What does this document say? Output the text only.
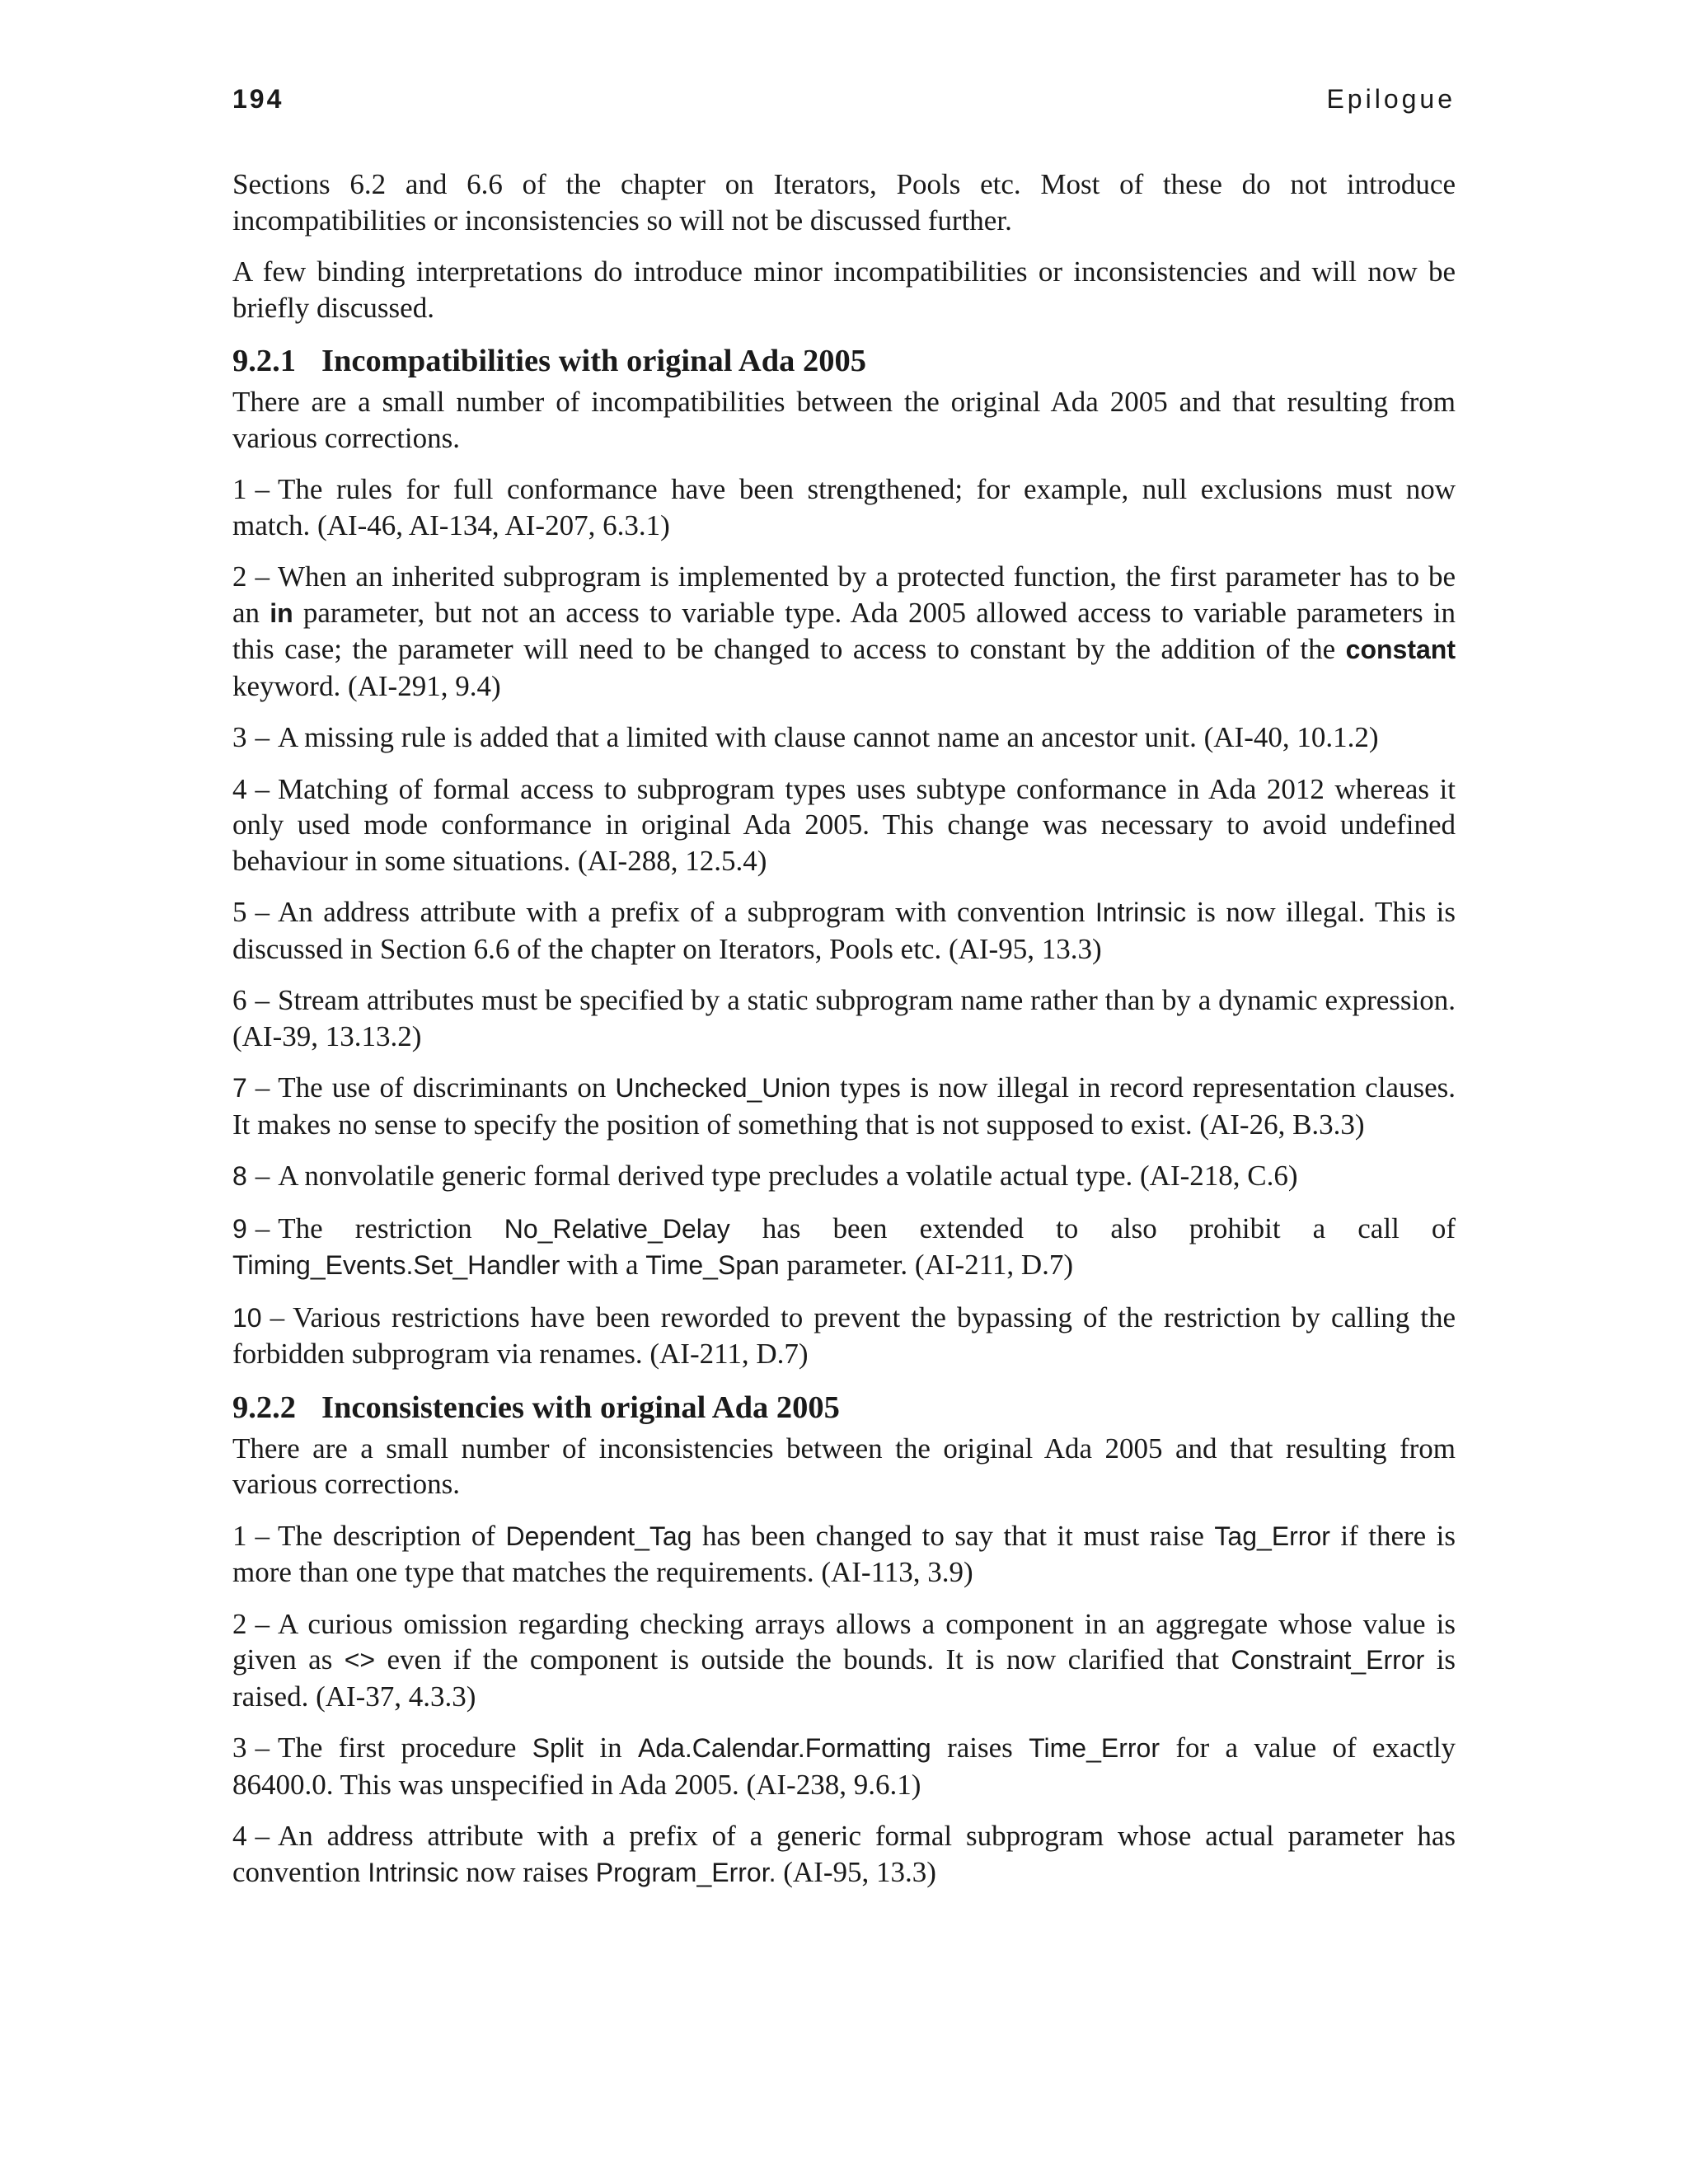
194	Epilogue

Sections 6.2 and 6.6 of the chapter on Iterators, Pools etc. Most of these do not introduce incompatibilities or inconsistencies so will not be discussed further.

A few binding interpretations do introduce minor incompatibilities or inconsistencies and will now be briefly discussed.

9.2.1 Incompatibilities with original Ada 2005

There are a small number of incompatibilities between the original Ada 2005 and that resulting from various corrections.

1 – The rules for full conformance have been strengthened; for example, null exclusions must now match. (AI-46, AI-134, AI-207, 6.3.1)

2 – When an inherited subprogram is implemented by a protected function, the first parameter has to be an in parameter, but not an access to variable type. Ada 2005 allowed access to variable parameters in this case; the parameter will need to be changed to access to constant by the addition of the constant keyword. (AI-291, 9.4)

3 – A missing rule is added that a limited with clause cannot name an ancestor unit. (AI-40, 10.1.2)

4 – Matching of formal access to subprogram types uses subtype conformance in Ada 2012 whereas it only used mode conformance in original Ada 2005. This change was necessary to avoid undefined behaviour in some situations. (AI-288, 12.5.4)

5 – An address attribute with a prefix of a subprogram with convention Intrinsic is now illegal. This is discussed in Section 6.6 of the chapter on Iterators, Pools etc. (AI-95, 13.3)

6 – Stream attributes must be specified by a static subprogram name rather than by a dynamic expression. (AI-39, 13.13.2)

7 – The use of discriminants on Unchecked_Union types is now illegal in record representation clauses. It makes no sense to specify the position of something that is not supposed to exist. (AI-26, B.3.3)

8 – A nonvolatile generic formal derived type precludes a volatile actual type. (AI-218, C.6)

9 – The restriction No_Relative_Delay has been extended to also prohibit a call of Timing_Events.Set_Handler with a Time_Span parameter. (AI-211, D.7)

10 – Various restrictions have been reworded to prevent the bypassing of the restriction by calling the forbidden subprogram via renames. (AI-211, D.7)

9.2.2 Inconsistencies with original Ada 2005

There are a small number of inconsistencies between the original Ada 2005 and that resulting from various corrections.

1 – The description of Dependent_Tag has been changed to say that it must raise Tag_Error if there is more than one type that matches the requirements. (AI-113, 3.9)

2 – A curious omission regarding checking arrays allows a component in an aggregate whose value is given as <> even if the component is outside the bounds. It is now clarified that Constraint_Error is raised. (AI-37, 4.3.3)

3 – The first procedure Split in Ada.Calendar.Formatting raises Time_Error for a value of exactly 86400.0. This was unspecified in Ada 2005. (AI-238, 9.6.1)

4 – An address attribute with a prefix of a generic formal subprogram whose actual parameter has convention Intrinsic now raises Program_Error. (AI-95, 13.3)
